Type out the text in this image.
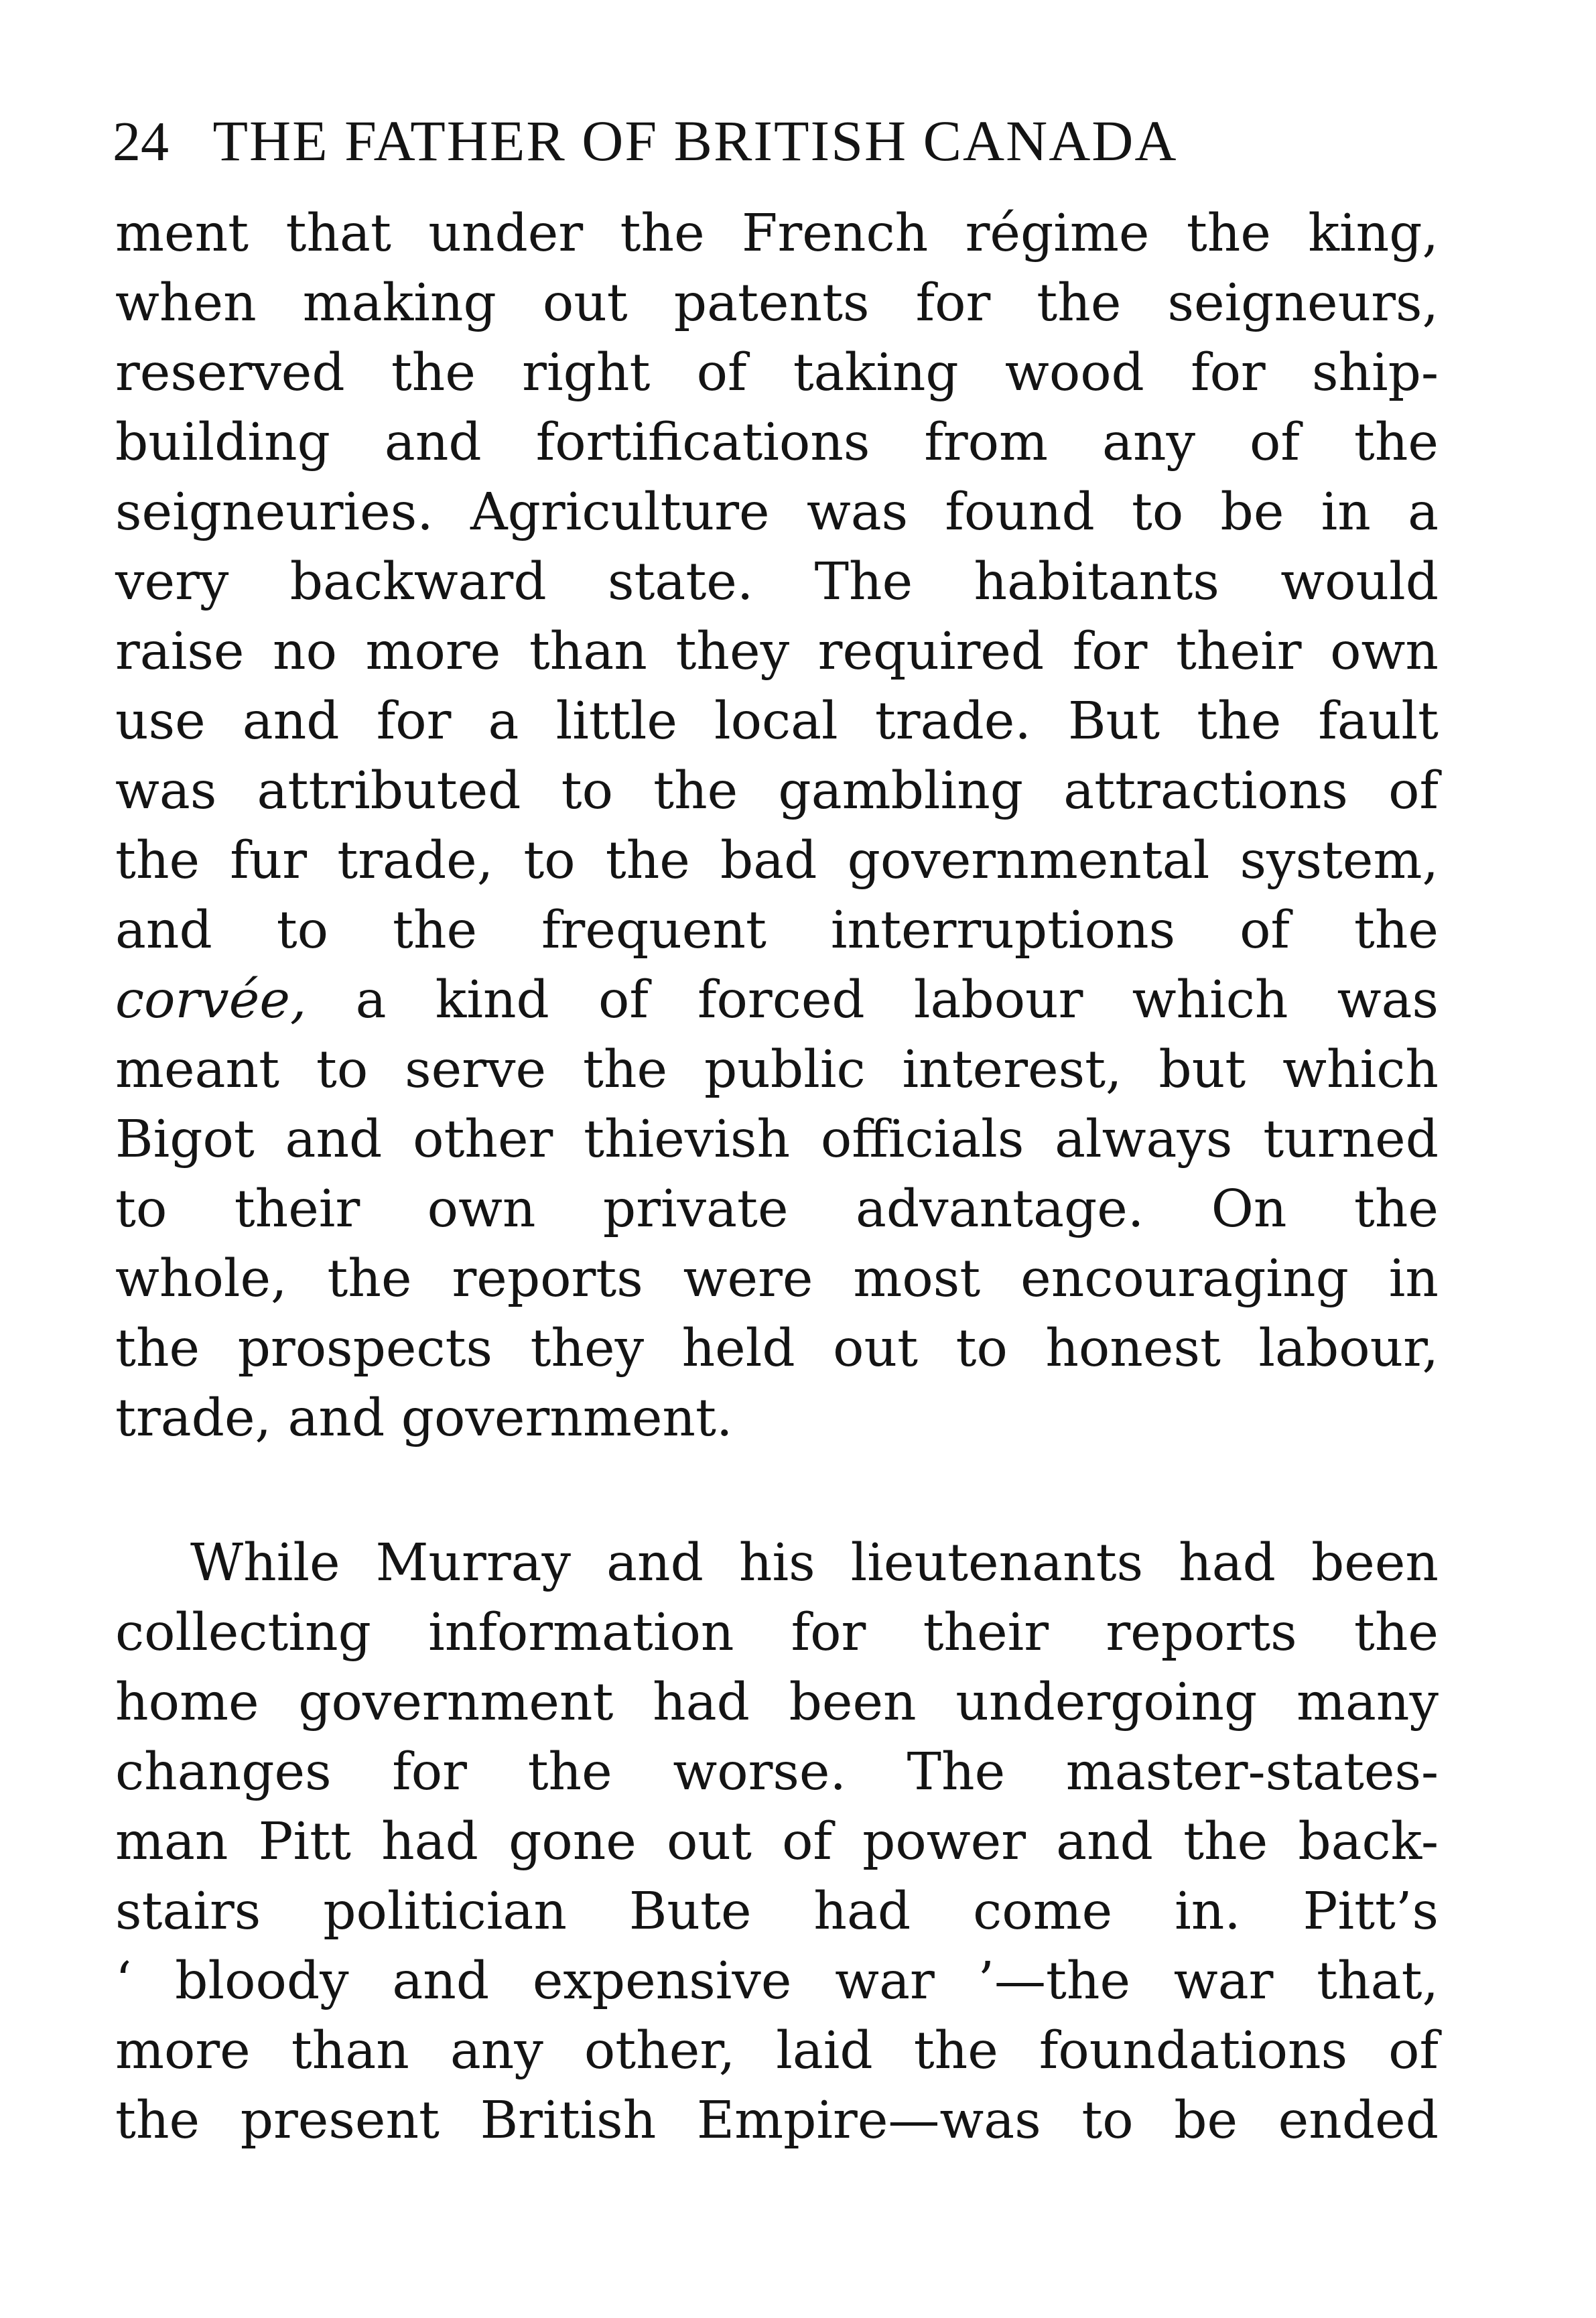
24 THE FATHER OF BRITISH CANADA
ment that under the French régime the king,
when making out patents for the seigneurs,
reserved the right of taking wood for ship-
building and fortifications from any of the
seigneuries. Agriculture was found to be in a
very backward state. The habitants would
raise no more than they required for their own
use and for a little local trade. But the fault
was attributed to the gambling attractions of
the fur trade, to the bad governmental system,
and to the frequent interruptions of the
corvée, a kind of forced labour which was
meant to serve the public interest, but which
Bigot and other thievish officials always turned
to their own private advantage. On the
whole, the reports were most encouraging in
the prospects they held out to honest labour,
trade, and government.
While Murray and his lieutenants had been
collecting information for their reports the
home government had been undergoing many
changes for the worse. The master-states-
man Pitt had gone out of power and the back-
stairs politician Bute had come in. Pitt’s
‘ bloody and expensive war ’—the war that,
more than any other, laid the foundations of
the present British Empire—was to be ended
